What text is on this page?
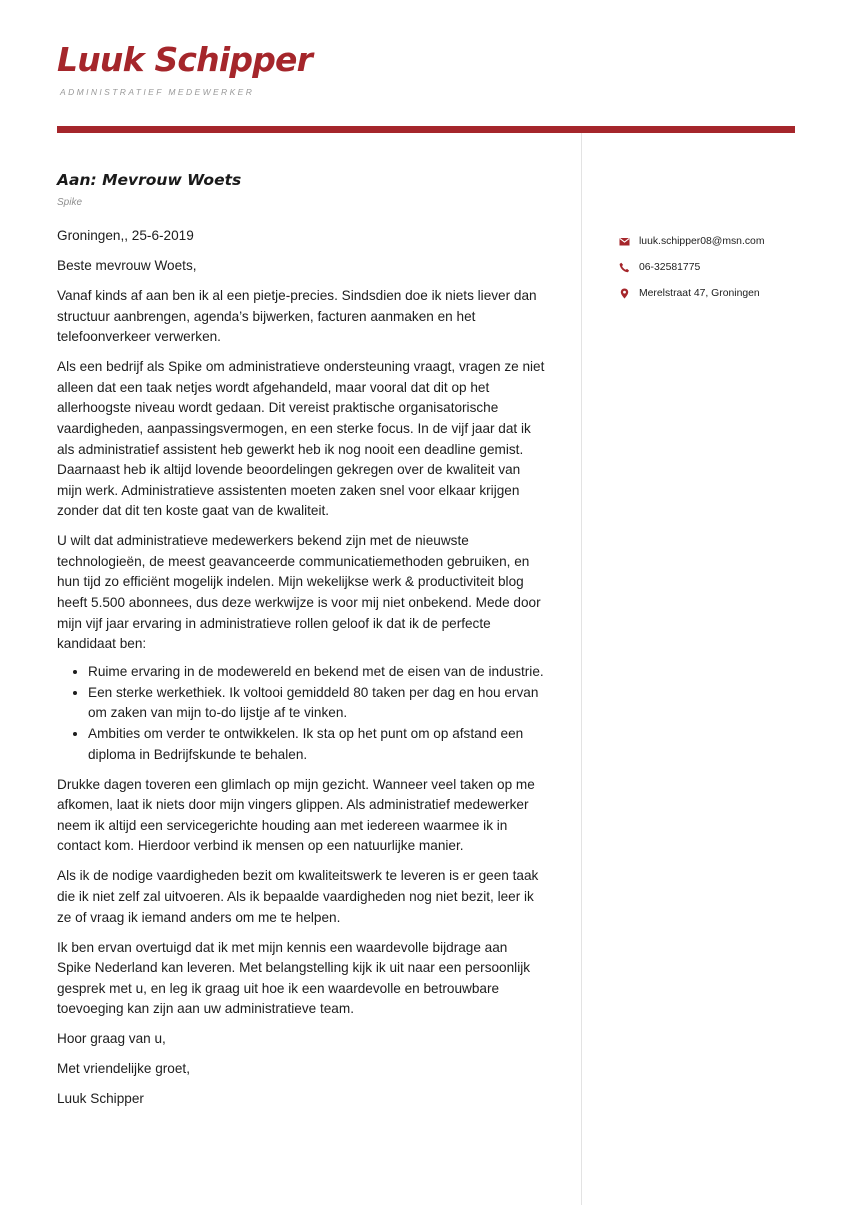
Luuk Schipper
ADMINISTRATIEF MEDEWERKER
Aan: Mevrouw Woets
Spike

Groningen,, 25-6-2019

Beste mevrouw Woets,

Vanaf kinds af aan ben ik al een pietje-precies. Sindsdien doe ik niets liever dan structuur aanbrengen, agenda’s bijwerken, facturen aanmaken en het telefoonverkeer verwerken.

Als een bedrijf als Spike om administratieve ondersteuning vraagt, vragen ze niet alleen dat een taak netjes wordt afgehandeld, maar vooral dat dit op het allerhoogste niveau wordt gedaan. Dit vereist praktische organisatorische vaardigheden, aanpassingsvermogen, en een sterke focus. In de vijf jaar dat ik als administratief assistent heb gewerkt heb ik nog nooit een deadline gemist. Daarnaast heb ik altijd lovende beoordelingen gekregen over de kwaliteit van mijn werk. Administratieve assistenten moeten zaken snel voor elkaar krijgen zonder dat dit ten koste gaat van de kwaliteit.

U wilt dat administratieve medewerkers bekend zijn met de nieuwste technologieën, de meest geavanceerde communicatiemethoden gebruiken, en hun tijd zo efficiënt mogelijk indelen. Mijn wekelijkse werk & productiviteit blog heeft 5.500 abonnees, dus deze werkwijze is voor mij niet onbekend. Mede door mijn vijf jaar ervaring in administratieve rollen geloof ik dat ik de perfecte kandidaat ben:

• Ruime ervaring in de modewereld en bekend met de eisen van de industrie.
• Een sterke werkethiek. Ik voltooi gemiddeld 80 taken per dag en hou ervan om zaken van mijn to-do lijstje af te vinken.
• Ambities om verder te ontwikkelen. Ik sta op het punt om op afstand een diploma in Bedrijfskunde te behalen.

Drukke dagen toveren een glimlach op mijn gezicht. Wanneer veel taken op me afkomen, laat ik niets door mijn vingers glippen. Als administratief medewerker neem ik altijd een servicegerichte houding aan met iedereen waarmee ik in contact kom. Hierdoor verbind ik mensen op een natuurlijke manier.

Als ik de nodige vaardigheden bezit om kwaliteitswerk te leveren is er geen taak die ik niet zelf zal uitvoeren. Als ik bepaalde vaardigheden nog niet bezit, leer ik ze of vraag ik iemand anders om me te helpen.

Ik ben ervan overtuigd dat ik met mijn kennis een waardevolle bijdrage aan Spike Nederland kan leveren. Met belangstelling kijk ik uit naar een persoonlijk gesprek met u, en leg ik graag uit hoe ik een waardevolle en betrouwbare toevoeging kan zijn aan uw administratieve team.

Hoor graag van u,

Met vriendelijke groet,

Luuk Schipper

luuk.schipper08@msn.com
06-32581775
Merelstraat 47, Groningen
